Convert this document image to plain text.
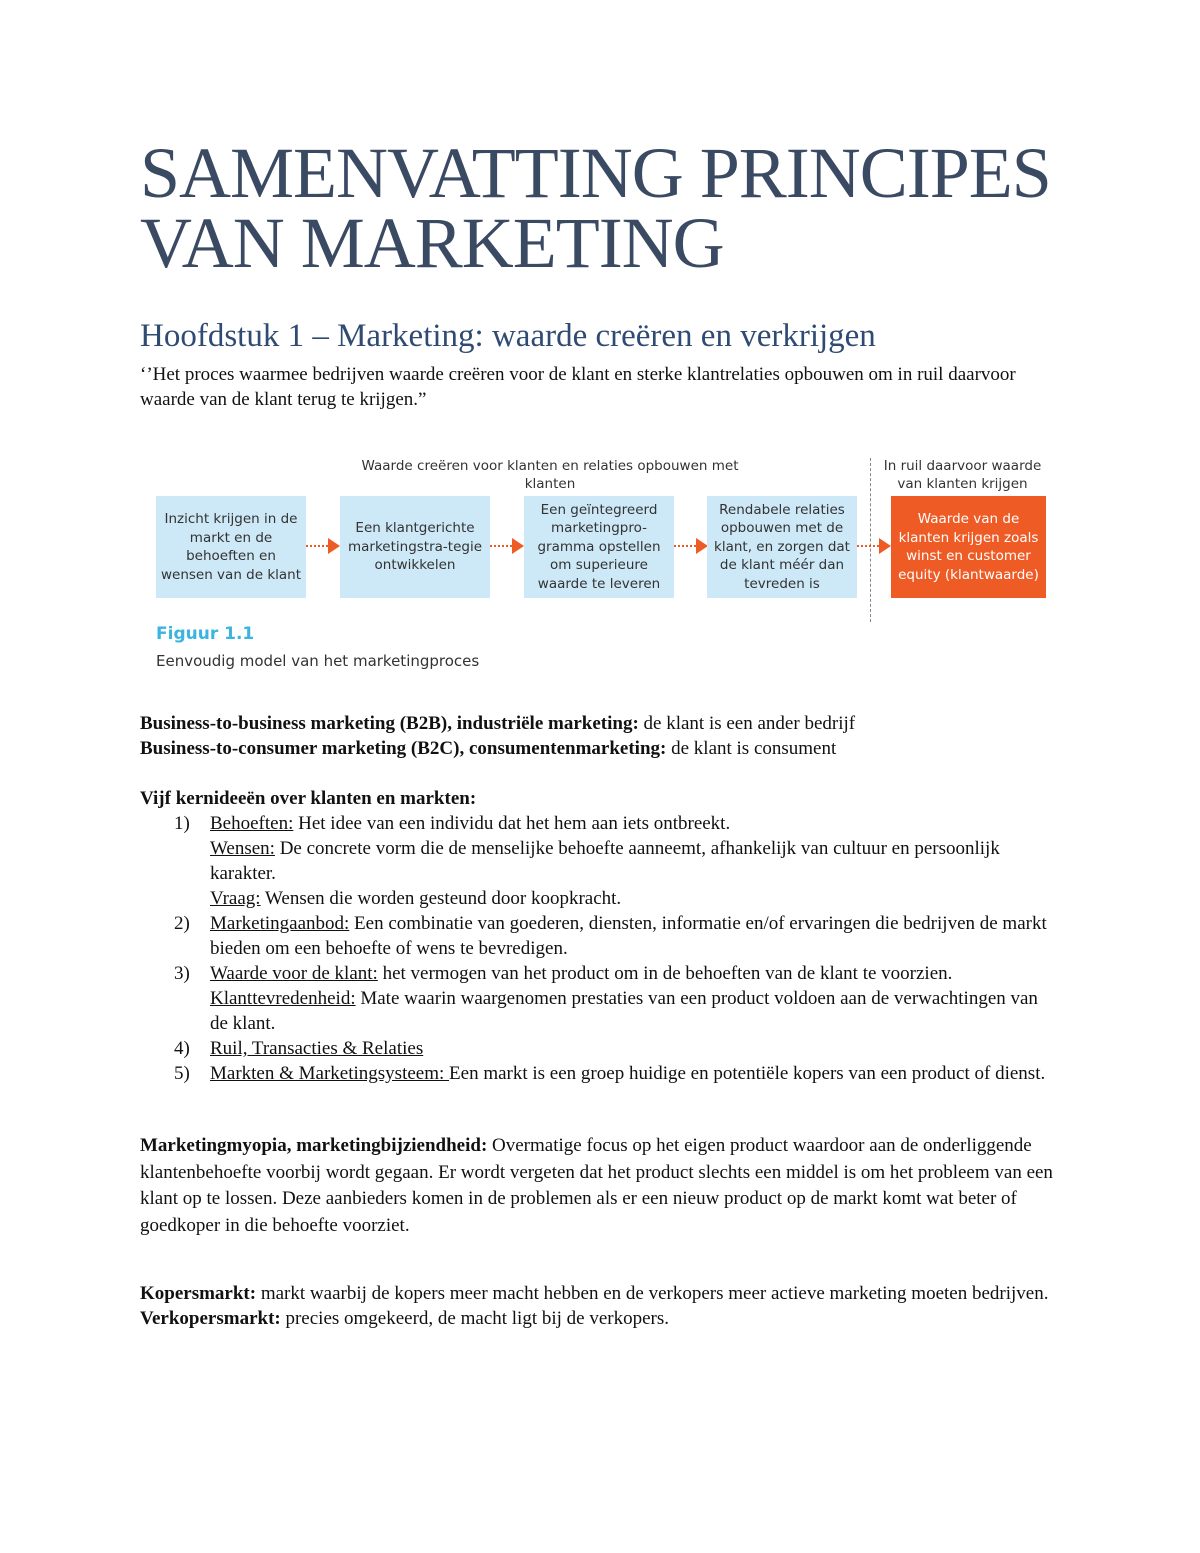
SAMENVATTING PRINCIPES VAN MARKETING
Hoofdstuk 1 – Marketing: waarde creëren en verkrijgen

‘’Het proces waarmee bedrijven waarde creëren voor de klant en sterke klantrelaties opbouwen om in ruil daarvoor waarde van de klant terug te krijgen.”

Waarde creëren voor klanten en relaties opbouwen met klanten
In ruil daarvoor waarde van klanten krijgen
Inzicht krijgen in de markt en de behoeften en wensen van de klant
Een klantgerichte marketingstra-tegie ontwikkelen
Een geïntegreerd marketingpro-gramma opstellen om superieure waarde te leveren
Rendabele relaties opbouwen met de klant, en zorgen dat de klant méér dan tevreden is
Waarde van de klanten krijgen zoals winst en customer equity (klantwaarde)
Figuur 1.1
Eenvoudig model van het marketingproces

Business-to-business marketing (B2B), industriële marketing: de klant is een ander bedrijf
Business-to-consumer marketing (B2C), consumentenmarketing: de klant is consument

Vijf kernideeën over klanten en markten:

1) Behoeften: Het idee van een individu dat het hem aan iets ontbreekt.
Wensen: De concrete vorm die de menselijke behoefte aanneemt, afhankelijk van cultuur en persoonlijk karakter.
Vraag: Wensen die worden gesteund door koopkracht.
2) Marketingaanbod: Een combinatie van goederen, diensten, informatie en/of ervaringen die bedrijven de markt bieden om een behoefte of wens te bevredigen.
3) Waarde voor de klant: het vermogen van het product om in de behoeften van de klant te voorzien.
Klanttevredenheid: Mate waarin waargenomen prestaties van een product voldoen aan de verwachtingen van de klant.
4) Ruil, Transacties & Relaties
5) Markten & Marketingsysteem: Een markt is een groep huidige en potentiële kopers van een product of dienst.

Marketingmyopia, marketingbijziendheid: Overmatige focus op het eigen product waardoor aan de onderliggende klantenbehoefte voorbij wordt gegaan. Er wordt vergeten dat het product slechts een middel is om het probleem van een klant op te lossen. Deze aanbieders komen in de problemen als er een nieuw product op de markt komt wat beter of goedkoper in die behoefte voorziet.

Kopersmarkt: markt waarbij de kopers meer macht hebben en de verkopers meer actieve marketing moeten bedrijven.
Verkopersmarkt: precies omgekeerd, de macht ligt bij de verkopers.
